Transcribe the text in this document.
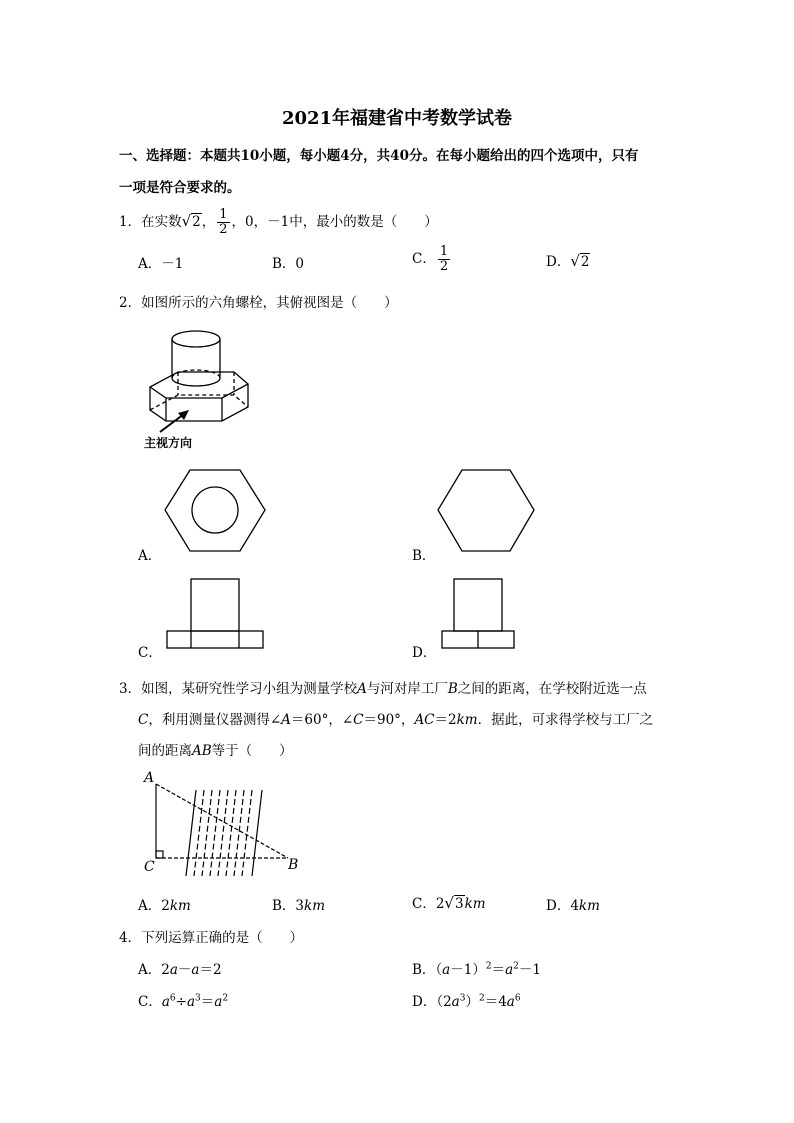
2021年福建省中考数学试卷
一、选择题：本题共10小题，每小题4分，共40分。在每小题给出的四个选项中，只有
一项是符合要求的。
1．在实数√2， $\frac{1}{2}$ ，0，－1中，最小的数是（　　）
A．－1	B．0	C． $\frac{1}{2}$	D．√2
2．如图所示的六角螺栓，其俯视图是（　　）
主视方向
A．	B．
C．	D．
3．如图，某研究性学习小组为测量学校A与河对岸工厂B之间的距离，在学校附近选一点
C，利用测量仪器测得∠A＝60°，∠C＝90°，AC＝2km．据此，可求得学校与工厂之
间的距离AB等于（　　）
A
B
C
A．2km	B．3km	C．2√3km	D．4km
4．下列运算正确的是（　　）
A．2a－a＝2	B．$(a-1)^2=a^2-1$
C．$a^6\div a^3=a^2$	D．$(2a^3)^2=4a^6$
